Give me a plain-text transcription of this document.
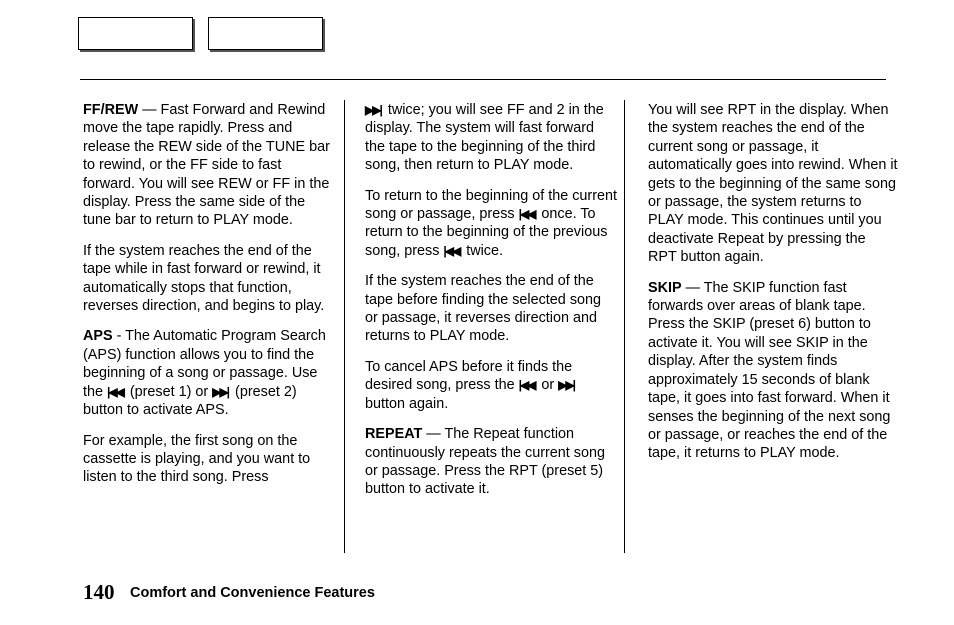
FF/REW — Fast Forward and Rewind move the tape rapidly. Press and release the REW side of the TUNE bar to rewind, or the FF side to fast forward. You will see REW or FF in the display. Press the same side of the tune bar to return to PLAY mode.

If the system reaches the end of the tape while in fast forward or rewind, it automatically stops that function, reverses direction, and begins to play.

APS - The Automatic Program Search (APS) function allows you to find the beginning of a song or passage. Use the |◀◀ (preset 1) or ▶▶| (preset 2) button to activate APS.

For example, the first song on the cassette is playing, and you want to listen to the third song. Press

▶▶| twice; you will see FF and 2 in the display. The system will fast forward the tape to the beginning of the third song, then return to PLAY mode.

To return to the beginning of the current song or passage, press |◀◀ once. To return to the beginning of the previous song, press |◀◀ twice.

If the system reaches the end of the tape before finding the selected song or passage, it reverses direction and returns to PLAY mode.

To cancel APS before it finds the desired song, press the |◀◀ or ▶▶| button again.

REPEAT — The Repeat function continuously repeats the current song or passage. Press the RPT (preset 5) button to activate it.

You will see RPT in the display. When the system reaches the end of the current song or passage, it automatically goes into rewind. When it gets to the beginning of the same song or passage, the system returns to PLAY mode. This continues until you deactivate Repeat by pressing the RPT button again.

SKIP — The SKIP function fast forwards over areas of blank tape. Press the SKIP (preset 6) button to activate it. You will see SKIP in the display. After the system finds approximately 15 seconds of blank tape, it goes into fast forward. When it senses the beginning of the next song or passage, or reaches the end of the tape, it returns to PLAY mode.

140 Comfort and Convenience Features
